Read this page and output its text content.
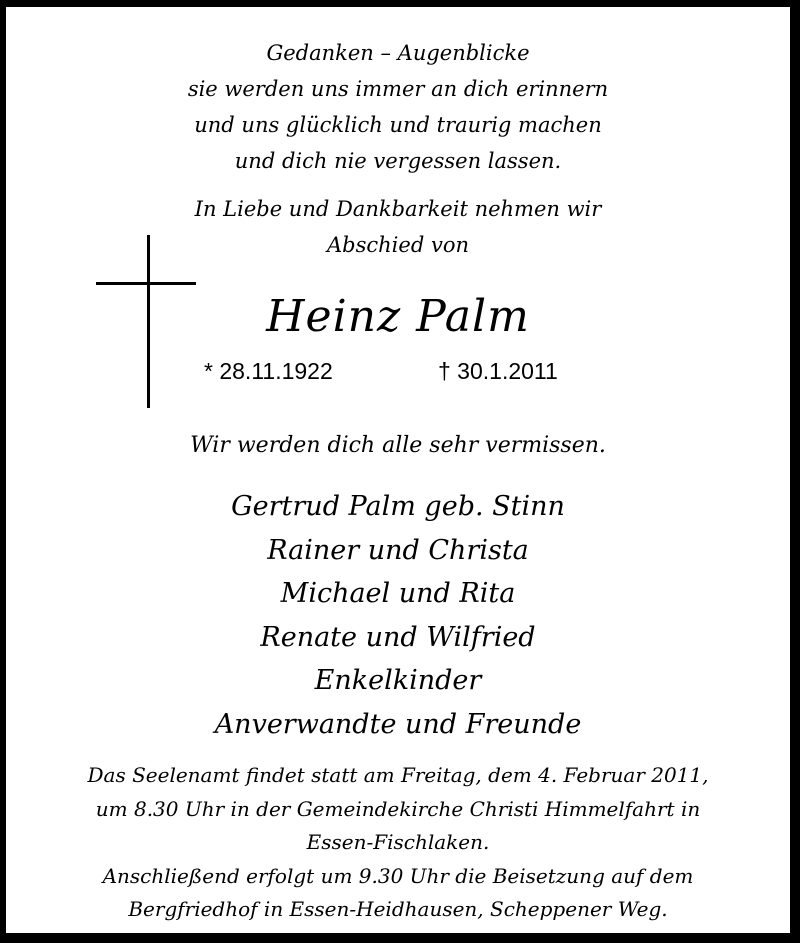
Gedanken – Augenblicke
sie werden uns immer an dich erinnern
und uns glücklich und traurig machen
und dich nie vergessen lassen.
In Liebe und Dankbarkeit nehmen wir
Abschied von
Heinz Palm
* 28.11.1922	† 30.1.2011
Wir werden dich alle sehr vermissen.
Gertrud Palm geb. Stinn
Rainer und Christa
Michael und Rita
Renate und Wilfried
Enkelkinder
Anverwandte und Freunde
Das Seelenamt findet statt am Freitag, dem 4. Februar 2011,
um 8.30 Uhr in der Gemeindekirche Christi Himmelfahrt in
Essen-Fischlaken.
Anschließend erfolgt um 9.30 Uhr die Beisetzung auf dem
Bergfriedhof in Essen-Heidhausen, Scheppener Weg.
